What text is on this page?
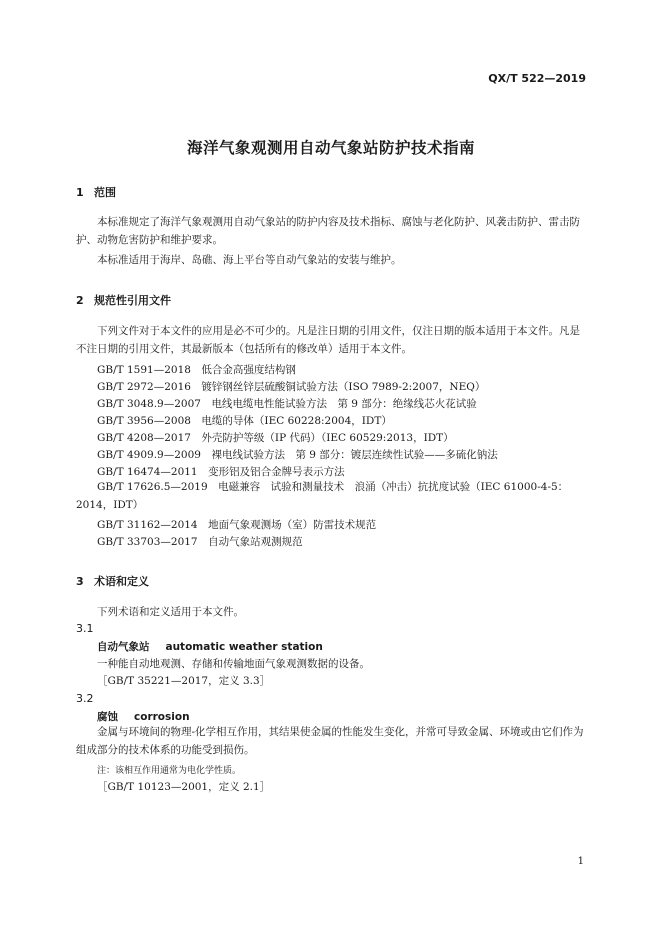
QX/T 522—2019
海洋气象观测用自动气象站防护技术指南
1 范围
本标准规定了海洋气象观测用自动气象站的防护内容及技术指标、腐蚀与老化防护、风袭击防护、雷击防护、动物危害防护和维护要求。
本标准适用于海岸、岛礁、海上平台等自动气象站的安装与维护。
2 规范性引用文件
下列文件对于本文件的应用是必不可少的。凡是注日期的引用文件，仅注日期的版本适用于本文件。凡是不注日期的引用文件，其最新版本（包括所有的修改单）适用于本文件。
GB/T 1591—2018　低合金高强度结构钢
GB/T 2972—2016　镀锌钢丝锌层硫酸铜试验方法（ISO 7989-2:2007，NEQ）
GB/T 3048.9—2007　电线电缆电性能试验方法　第 9 部分：绝缘线芯火花试验
GB/T 3956—2008　电缆的导体（IEC 60228:2004，IDT）
GB/T 4208—2017　外壳防护等级（IP 代码）（IEC 60529:2013，IDT）
GB/T 4909.9—2009　裸电线试验方法　第 9 部分：镀层连续性试验——多硫化钠法
GB/T 16474—2011　变形铝及铝合金牌号表示方法
GB/T 17626.5—2019　电磁兼容　试验和测量技术　浪涌（冲击）抗扰度试验（IEC 61000-4-5：2014，IDT）
GB/T 31162—2014　地面气象观测场（室）防雷技术规范
GB/T 33703—2017　自动气象站观测规范
3 术语和定义
下列术语和定义适用于本文件。
3.1
自动气象站 automatic weather station
一种能自动地观测、存储和传输地面气象观测数据的设备。
［GB/T 35221—2017，定义 3.3］
3.2
腐蚀 corrosion
金属与环境间的物理-化学相互作用，其结果使金属的性能发生变化，并常可导致金属、环境或由它们作为组成部分的技术体系的功能受到损伤。
注：该相互作用通常为电化学性质。
［GB/T 10123—2001，定义 2.1］
1
